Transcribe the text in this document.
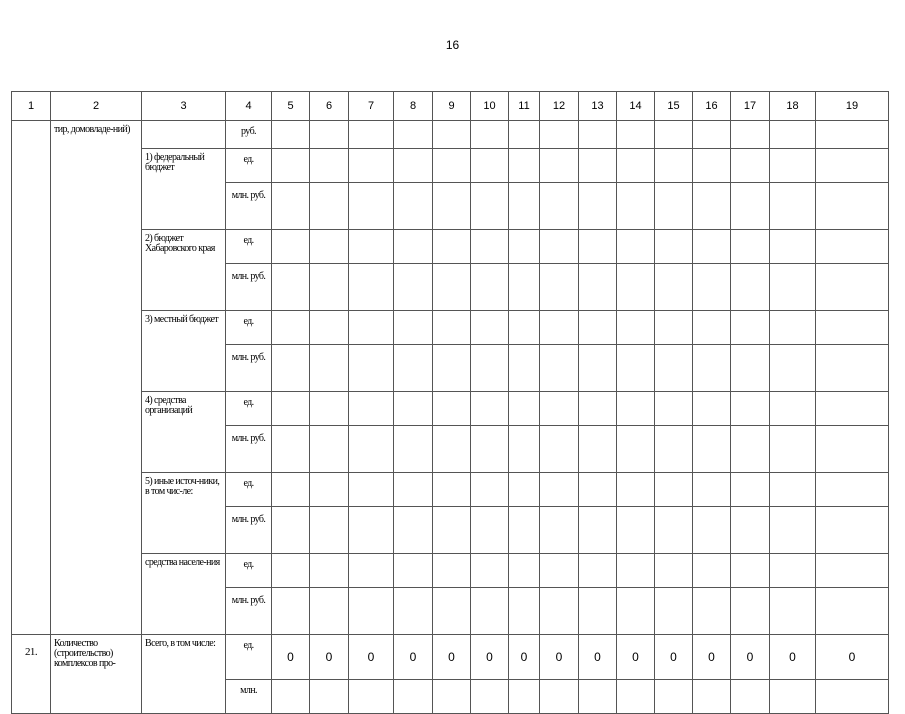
16
1	2	3	4	5	6	7	8	9	10	11	12	13	14	15	16	17	18	19
	тир, домовладе-ний)		руб.															
		1) федеральный бюджет	ед.															
			млн. руб.															
		2) бюджет Хабаровского края	ед.															
			млн. руб.															
		3) местный бюджет	ед.															
			млн. руб.															
		4) средства организаций	ед.															
			млн. руб.															
		5) иные источ-ники, в том чис-ле:	ед.															
			млн. руб.															
		средства населе-ния	ед.															
			млн. руб.															
21.	Количество (строительство) комплексов про-	Всего, в том числе:	ед.	0	0	0	0	0	0	0	0	0	0	0	0	0	0	0
			млн.															
